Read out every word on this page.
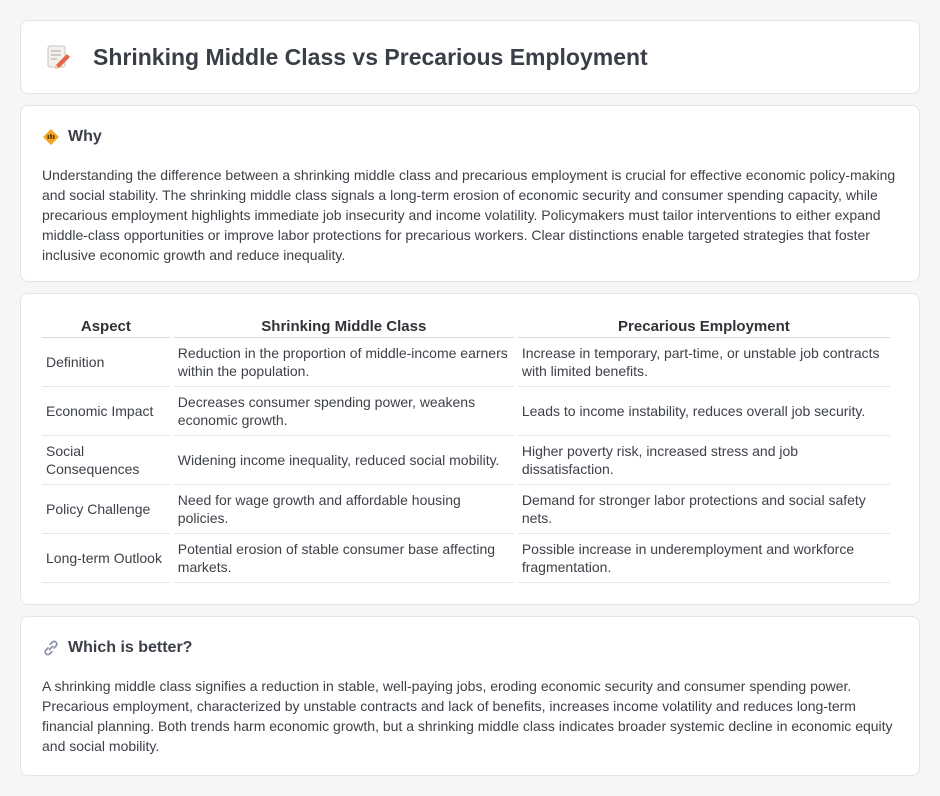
Shrinking Middle Class vs Precarious Employment
Why

Understanding the difference between a shrinking middle class and precarious employment is crucial for effective economic policy-making and social stability. The shrinking middle class signals a long-term erosion of economic security and consumer spending capacity, while precarious employment highlights immediate job insecurity and income volatility. Policymakers must tailor interventions to either expand middle-class opportunities or improve labor protections for precarious workers. Clear distinctions enable targeted strategies that foster inclusive economic growth and reduce inequality.

Aspect	Shrinking Middle Class	Precarious Employment
Definition	Reduction in the proportion of middle-income earners within the population.	Increase in temporary, part-time, or unstable job contracts with limited benefits.
Economic Impact	Decreases consumer spending power, weakens economic growth.	Leads to income instability, reduces overall job security.
Social Consequences	Widening income inequality, reduced social mobility.	Higher poverty risk, increased stress and job dissatisfaction.
Policy Challenge	Need for wage growth and affordable housing policies.	Demand for stronger labor protections and social safety nets.
Long-term Outlook	Potential erosion of stable consumer base affecting markets.	Possible increase in underemployment and workforce fragmentation.
Which is better?

A shrinking middle class signifies a reduction in stable, well-paying jobs, eroding economic security and consumer spending power. Precarious employment, characterized by unstable contracts and lack of benefits, increases income volatility and reduces long-term financial planning. Both trends harm economic growth, but a shrinking middle class indicates broader systemic decline in economic equity and social mobility.
